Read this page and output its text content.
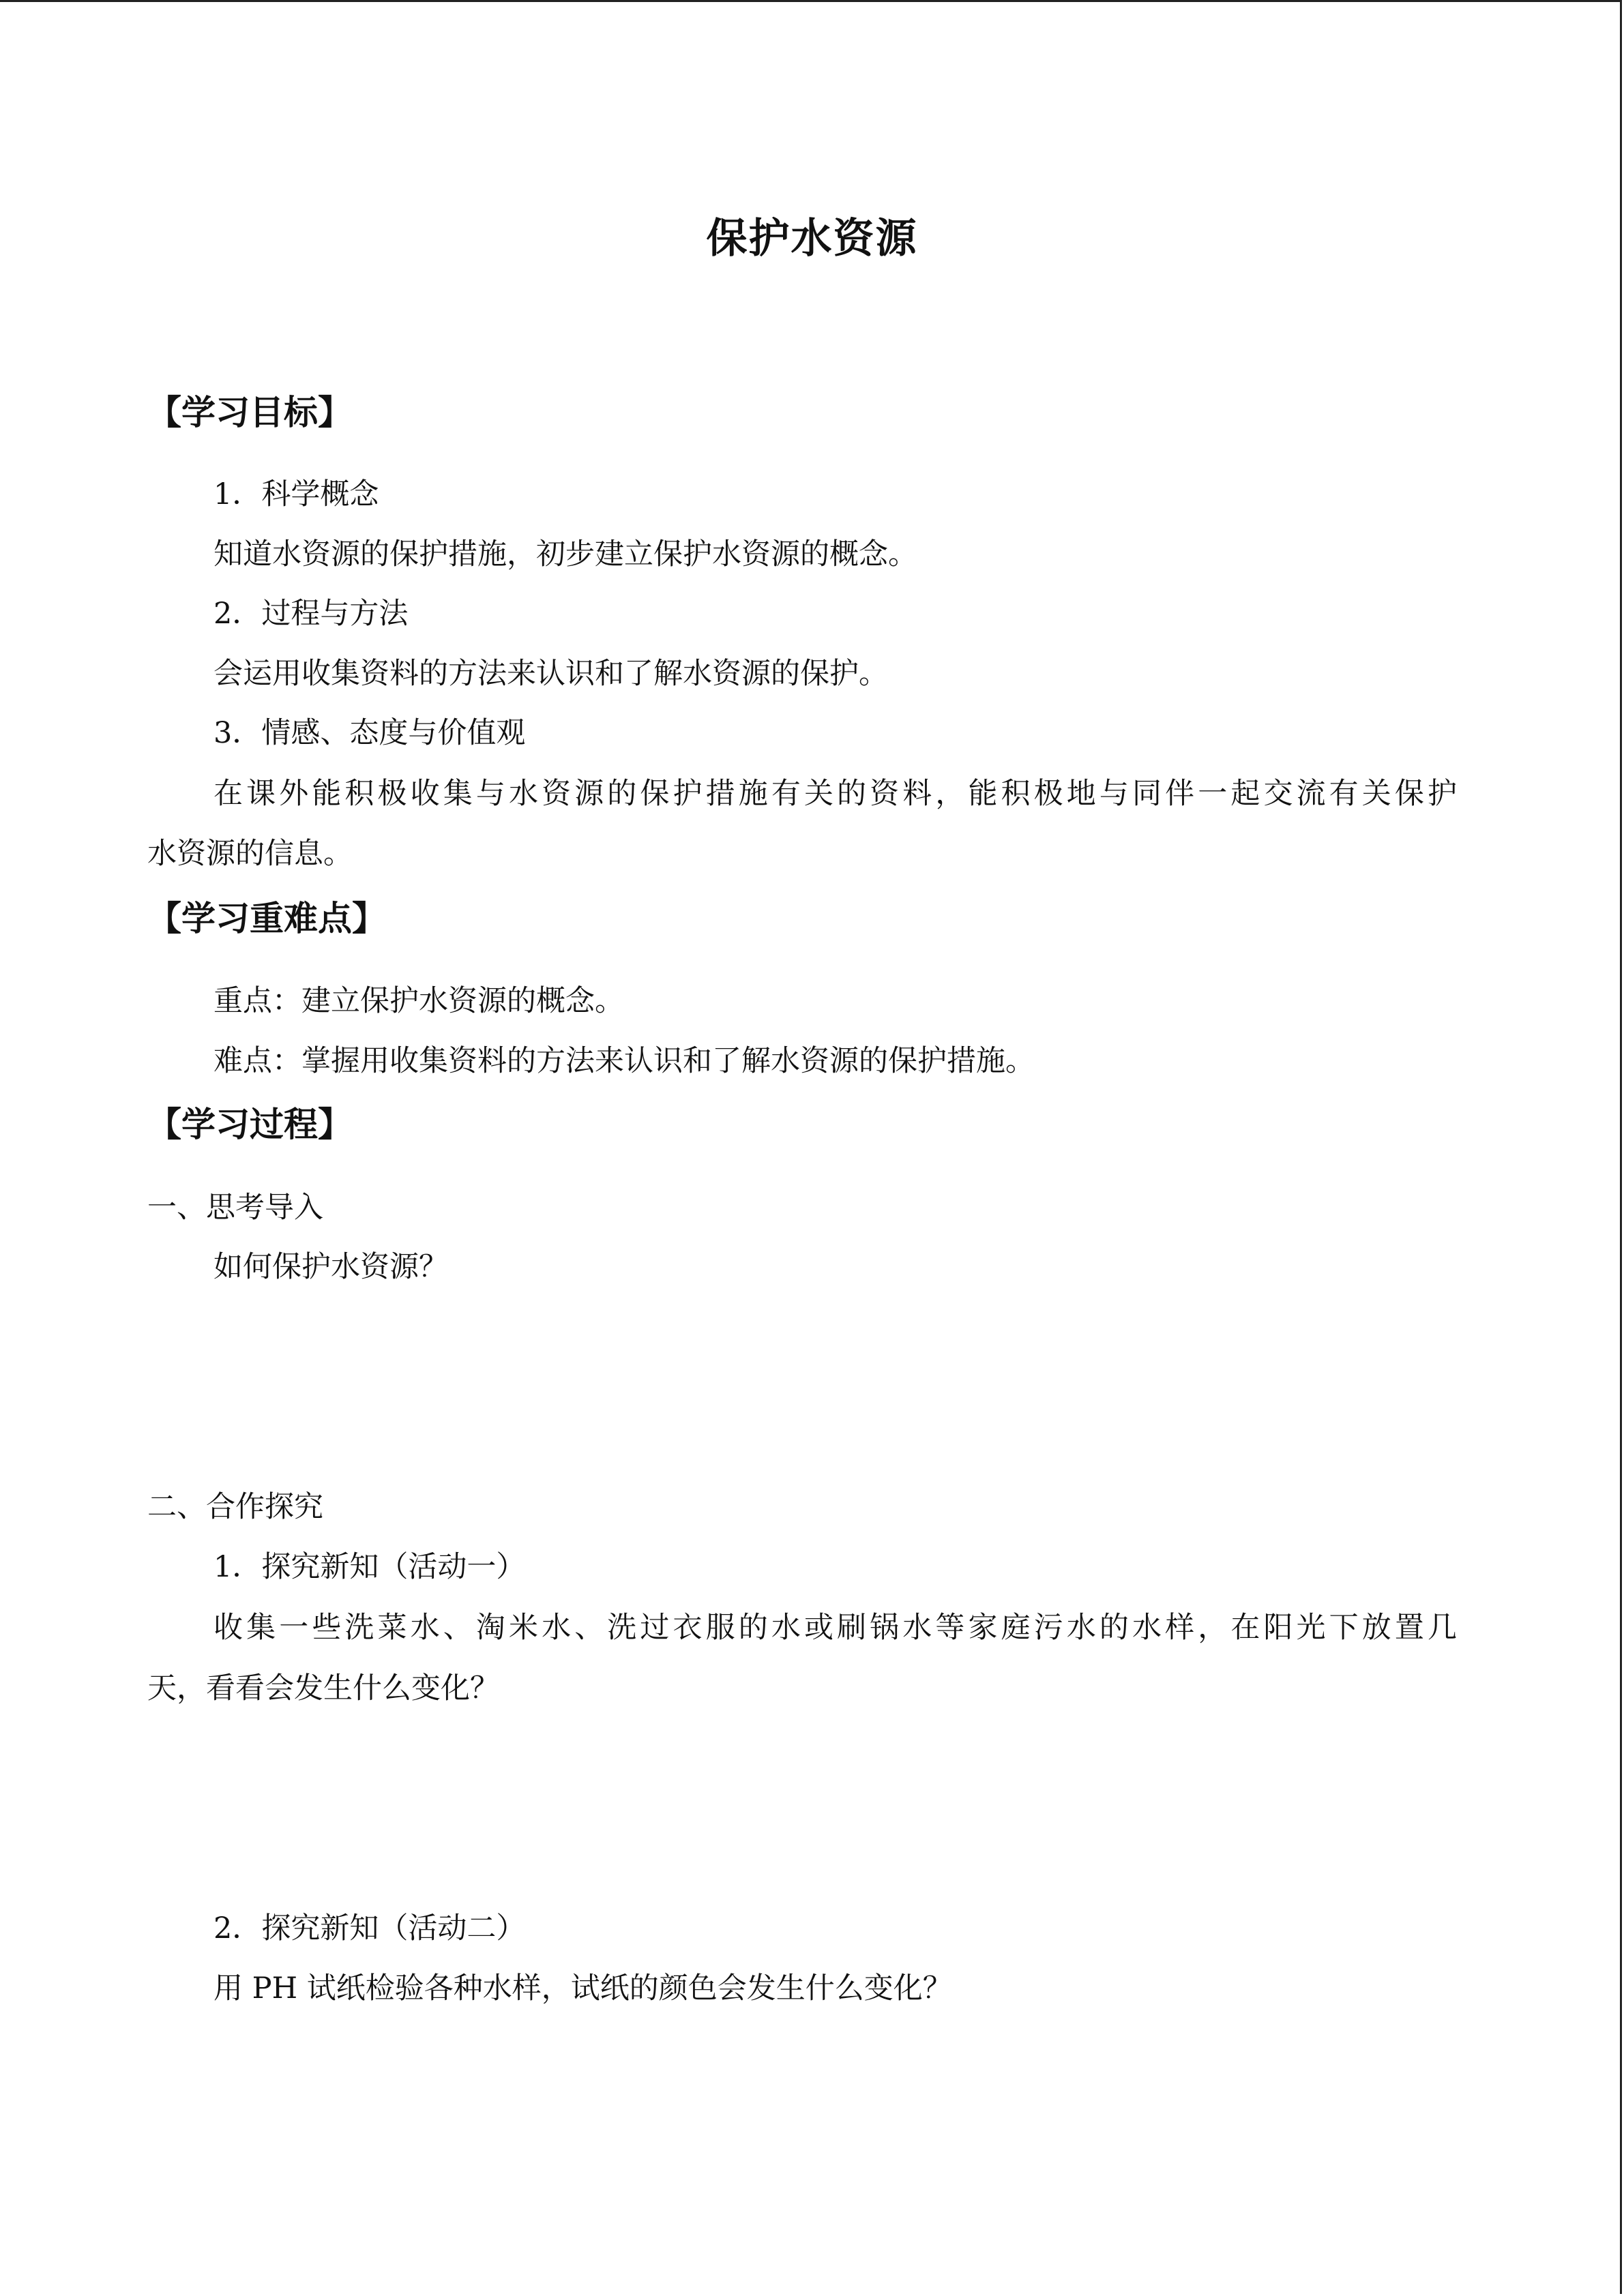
保护水资源
【学习目标】
1．科学概念
知道水资源的保护措施，初步建立保护水资源的概念。
2．过程与方法
会运用收集资料的方法来认识和了解水资源的保护。
3．情感、态度与价值观
在课外能积极收集与水资源的保护措施有关的资料，能积极地与同伴一起交流有关保护
水资源的信息。
【学习重难点】
重点：建立保护水资源的概念。
难点：掌握用收集资料的方法来认识和了解水资源的保护措施。
【学习过程】
一、思考导入
如何保护水资源？
二、合作探究
1．探究新知（活动一）
收集一些洗菜水、淘米水、洗过衣服的水或刷锅水等家庭污水的水样，在阳光下放置几
天，看看会发生什么变化？
2．探究新知（活动二）
用 PH 试纸检验各种水样，试纸的颜色会发生什么变化？
